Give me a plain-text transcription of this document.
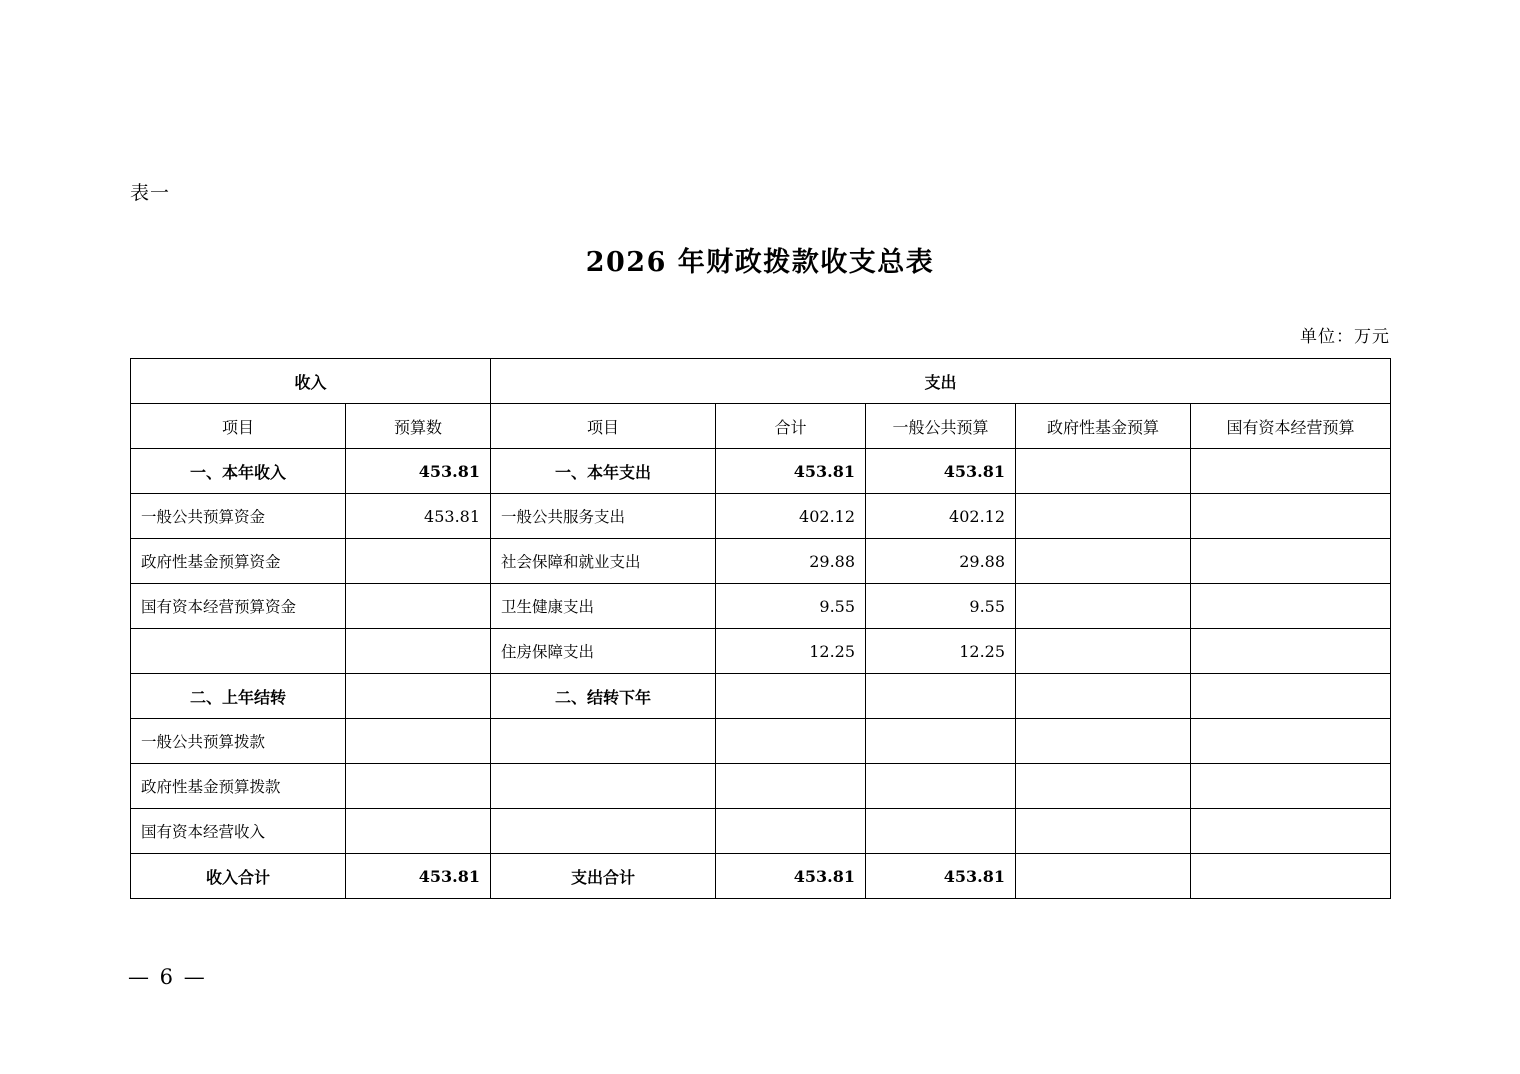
表一
2026 年财政拨款收支总表
单位：万元
收入		支出				
项目	预算数	项目	合计	一般公共预算	政府性基金预算	国有资本经营预算
一、本年收入	453.81	一、本年支出	453.81	453.81		
一般公共预算资金	453.81	一般公共服务支出	402.12	402.12		
政府性基金预算资金		社会保障和就业支出	29.88	29.88		
国有资本经营预算资金		卫生健康支出	9.55	9.55		
		住房保障支出	12.25	12.25		
二、上年结转		二、结转下年				
一般公共预算拨款						
政府性基金预算拨款						
国有资本经营收入						
收入合计	453.81	支出合计	453.81	453.81		
— 6 —
